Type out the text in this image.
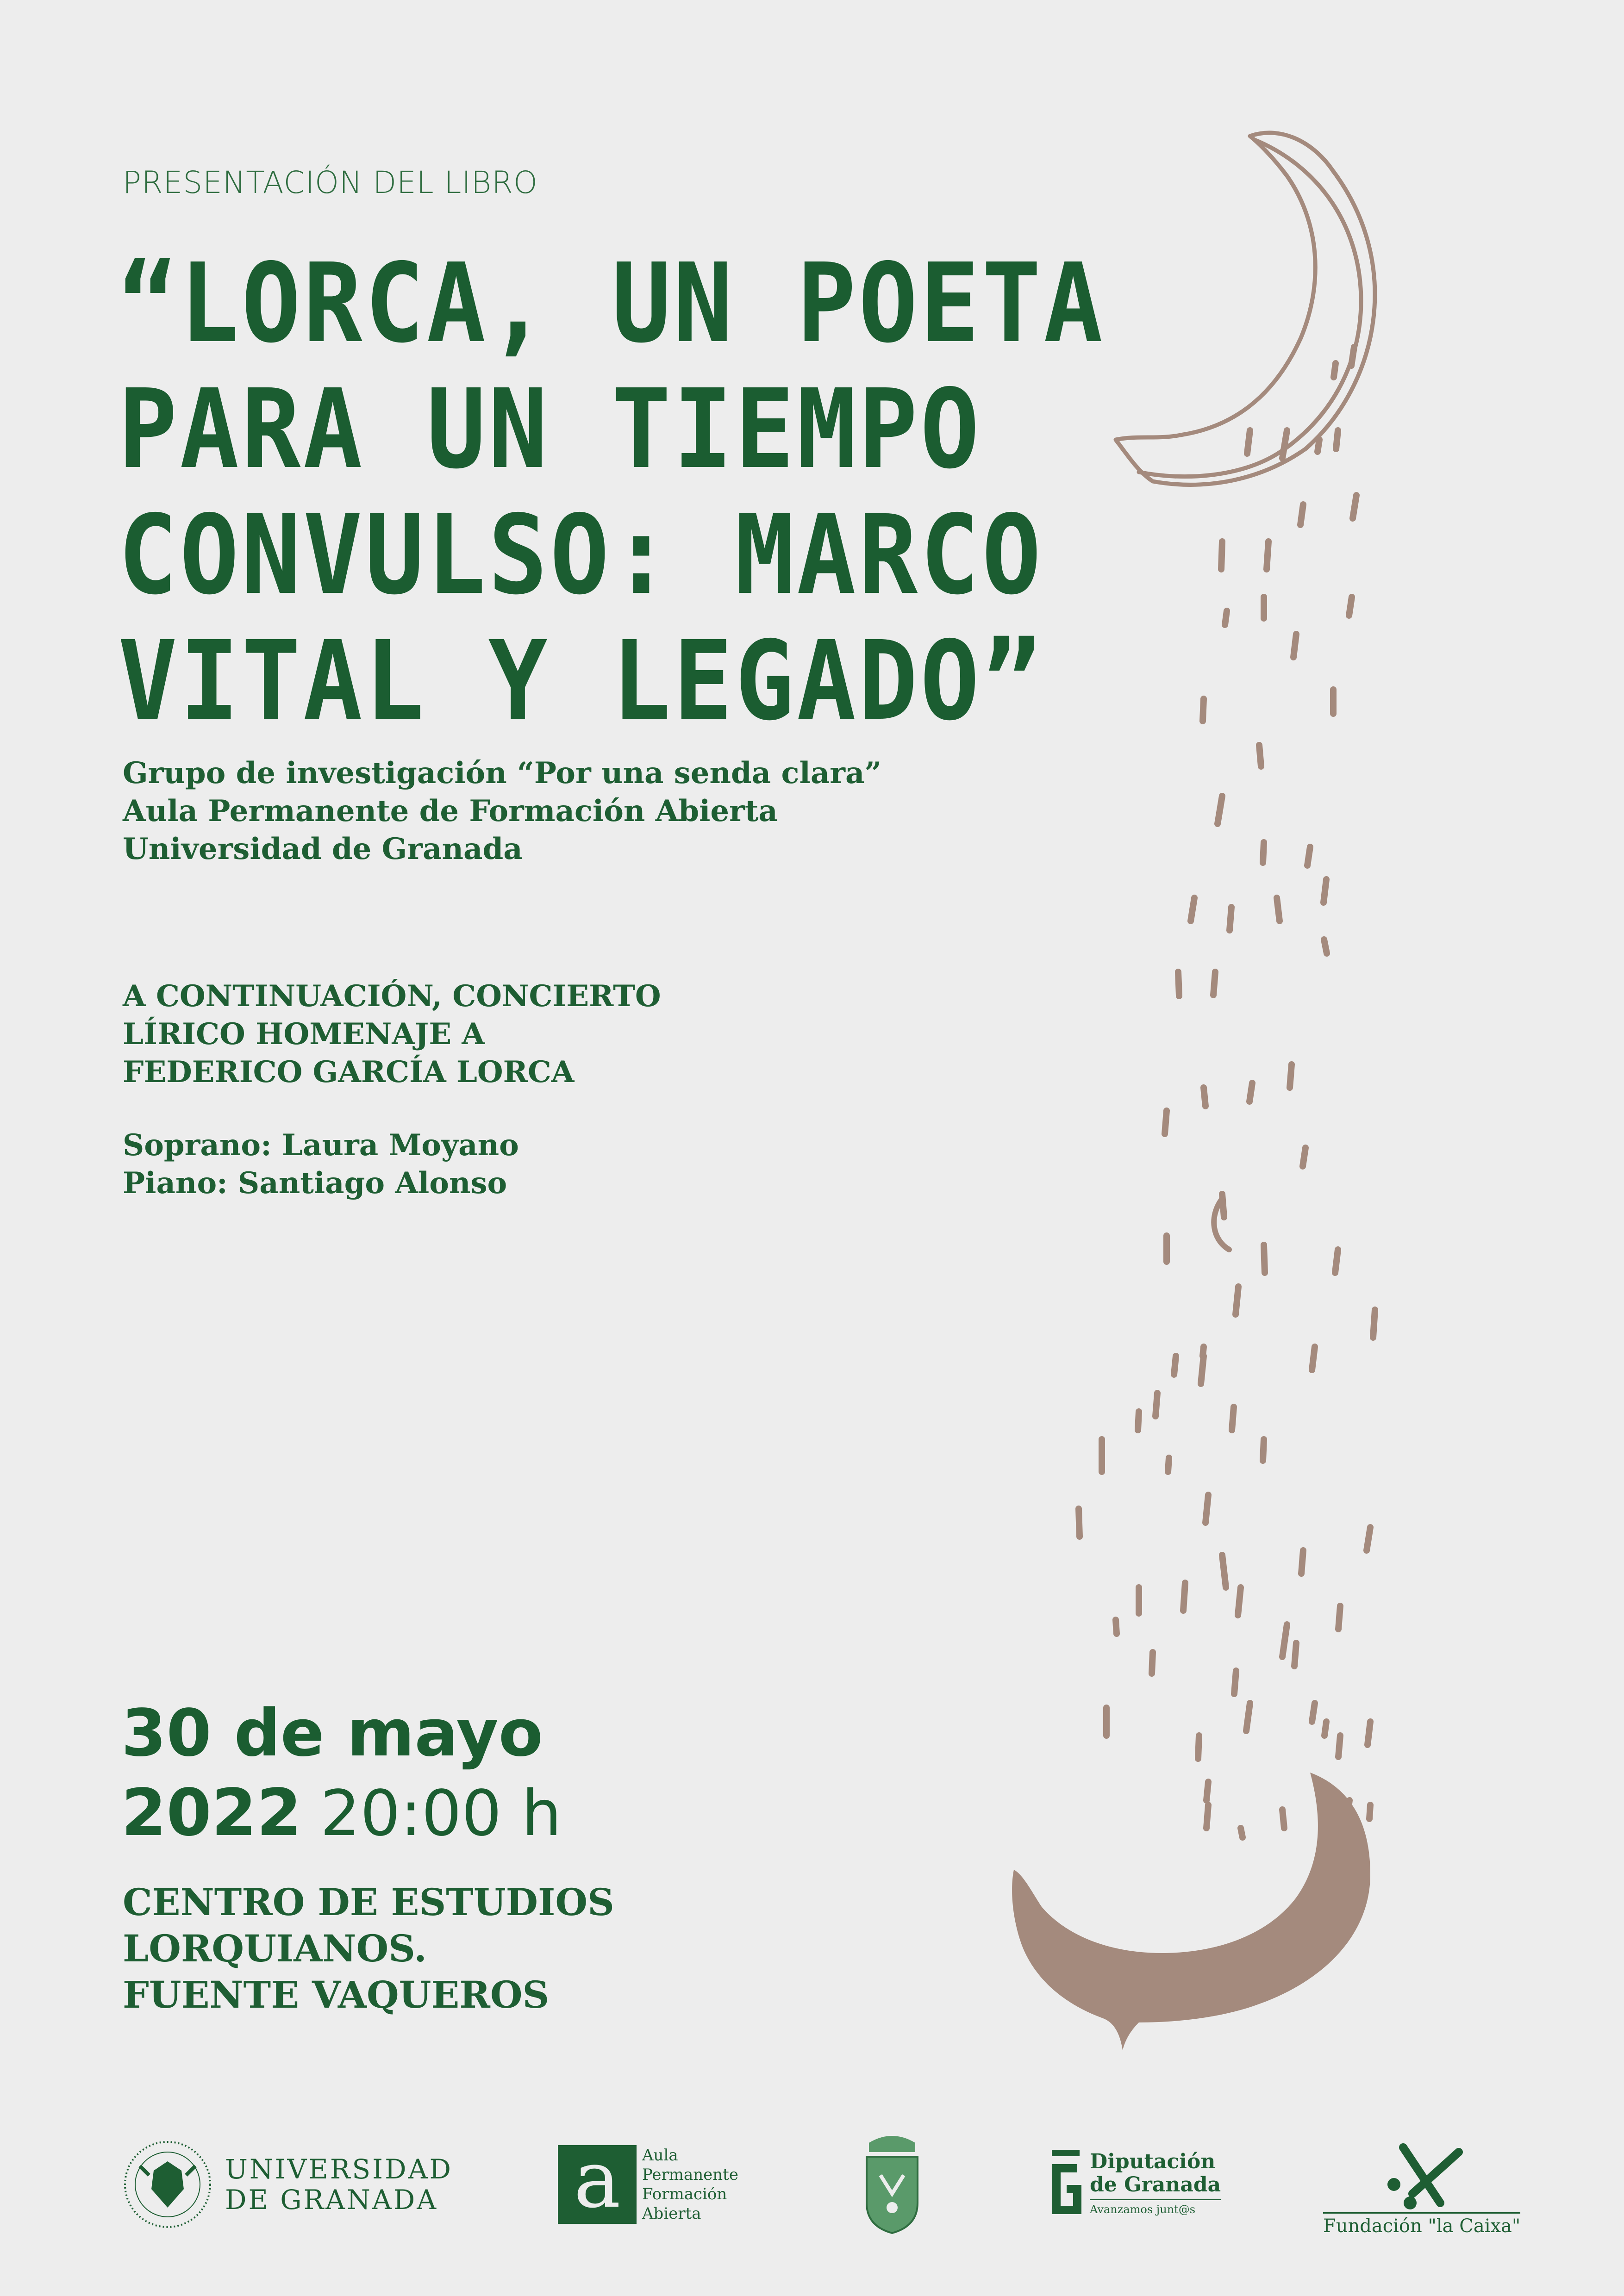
PRESENTACIÓN DEL LIBRO
“LORCA, UN POETA
PARA UN TIEMPO
CONVULSO: MARCO
VITAL Y LEGADO”
Grupo de investigación “Por una senda clara”
Aula Permanente de Formación Abierta
Universidad de Granada
A CONTINUACIÓN, CONCIERTO
LÍRICO HOMENAJE A
FEDERICO GARCÍA LORCA
Soprano: Laura Moyano
Piano: Santiago Alonso
30 de mayo
2022 20:00 h
CENTRO DE ESTUDIOS
LORQUIANOS.
FUENTE VAQUEROS
UNIVERSIDAD
DE GRANADA a	Aula
Permanente
Formación
Abierta
Diputación
de Granada
Avanzamos junt@s
Fundación "la Caixa"
